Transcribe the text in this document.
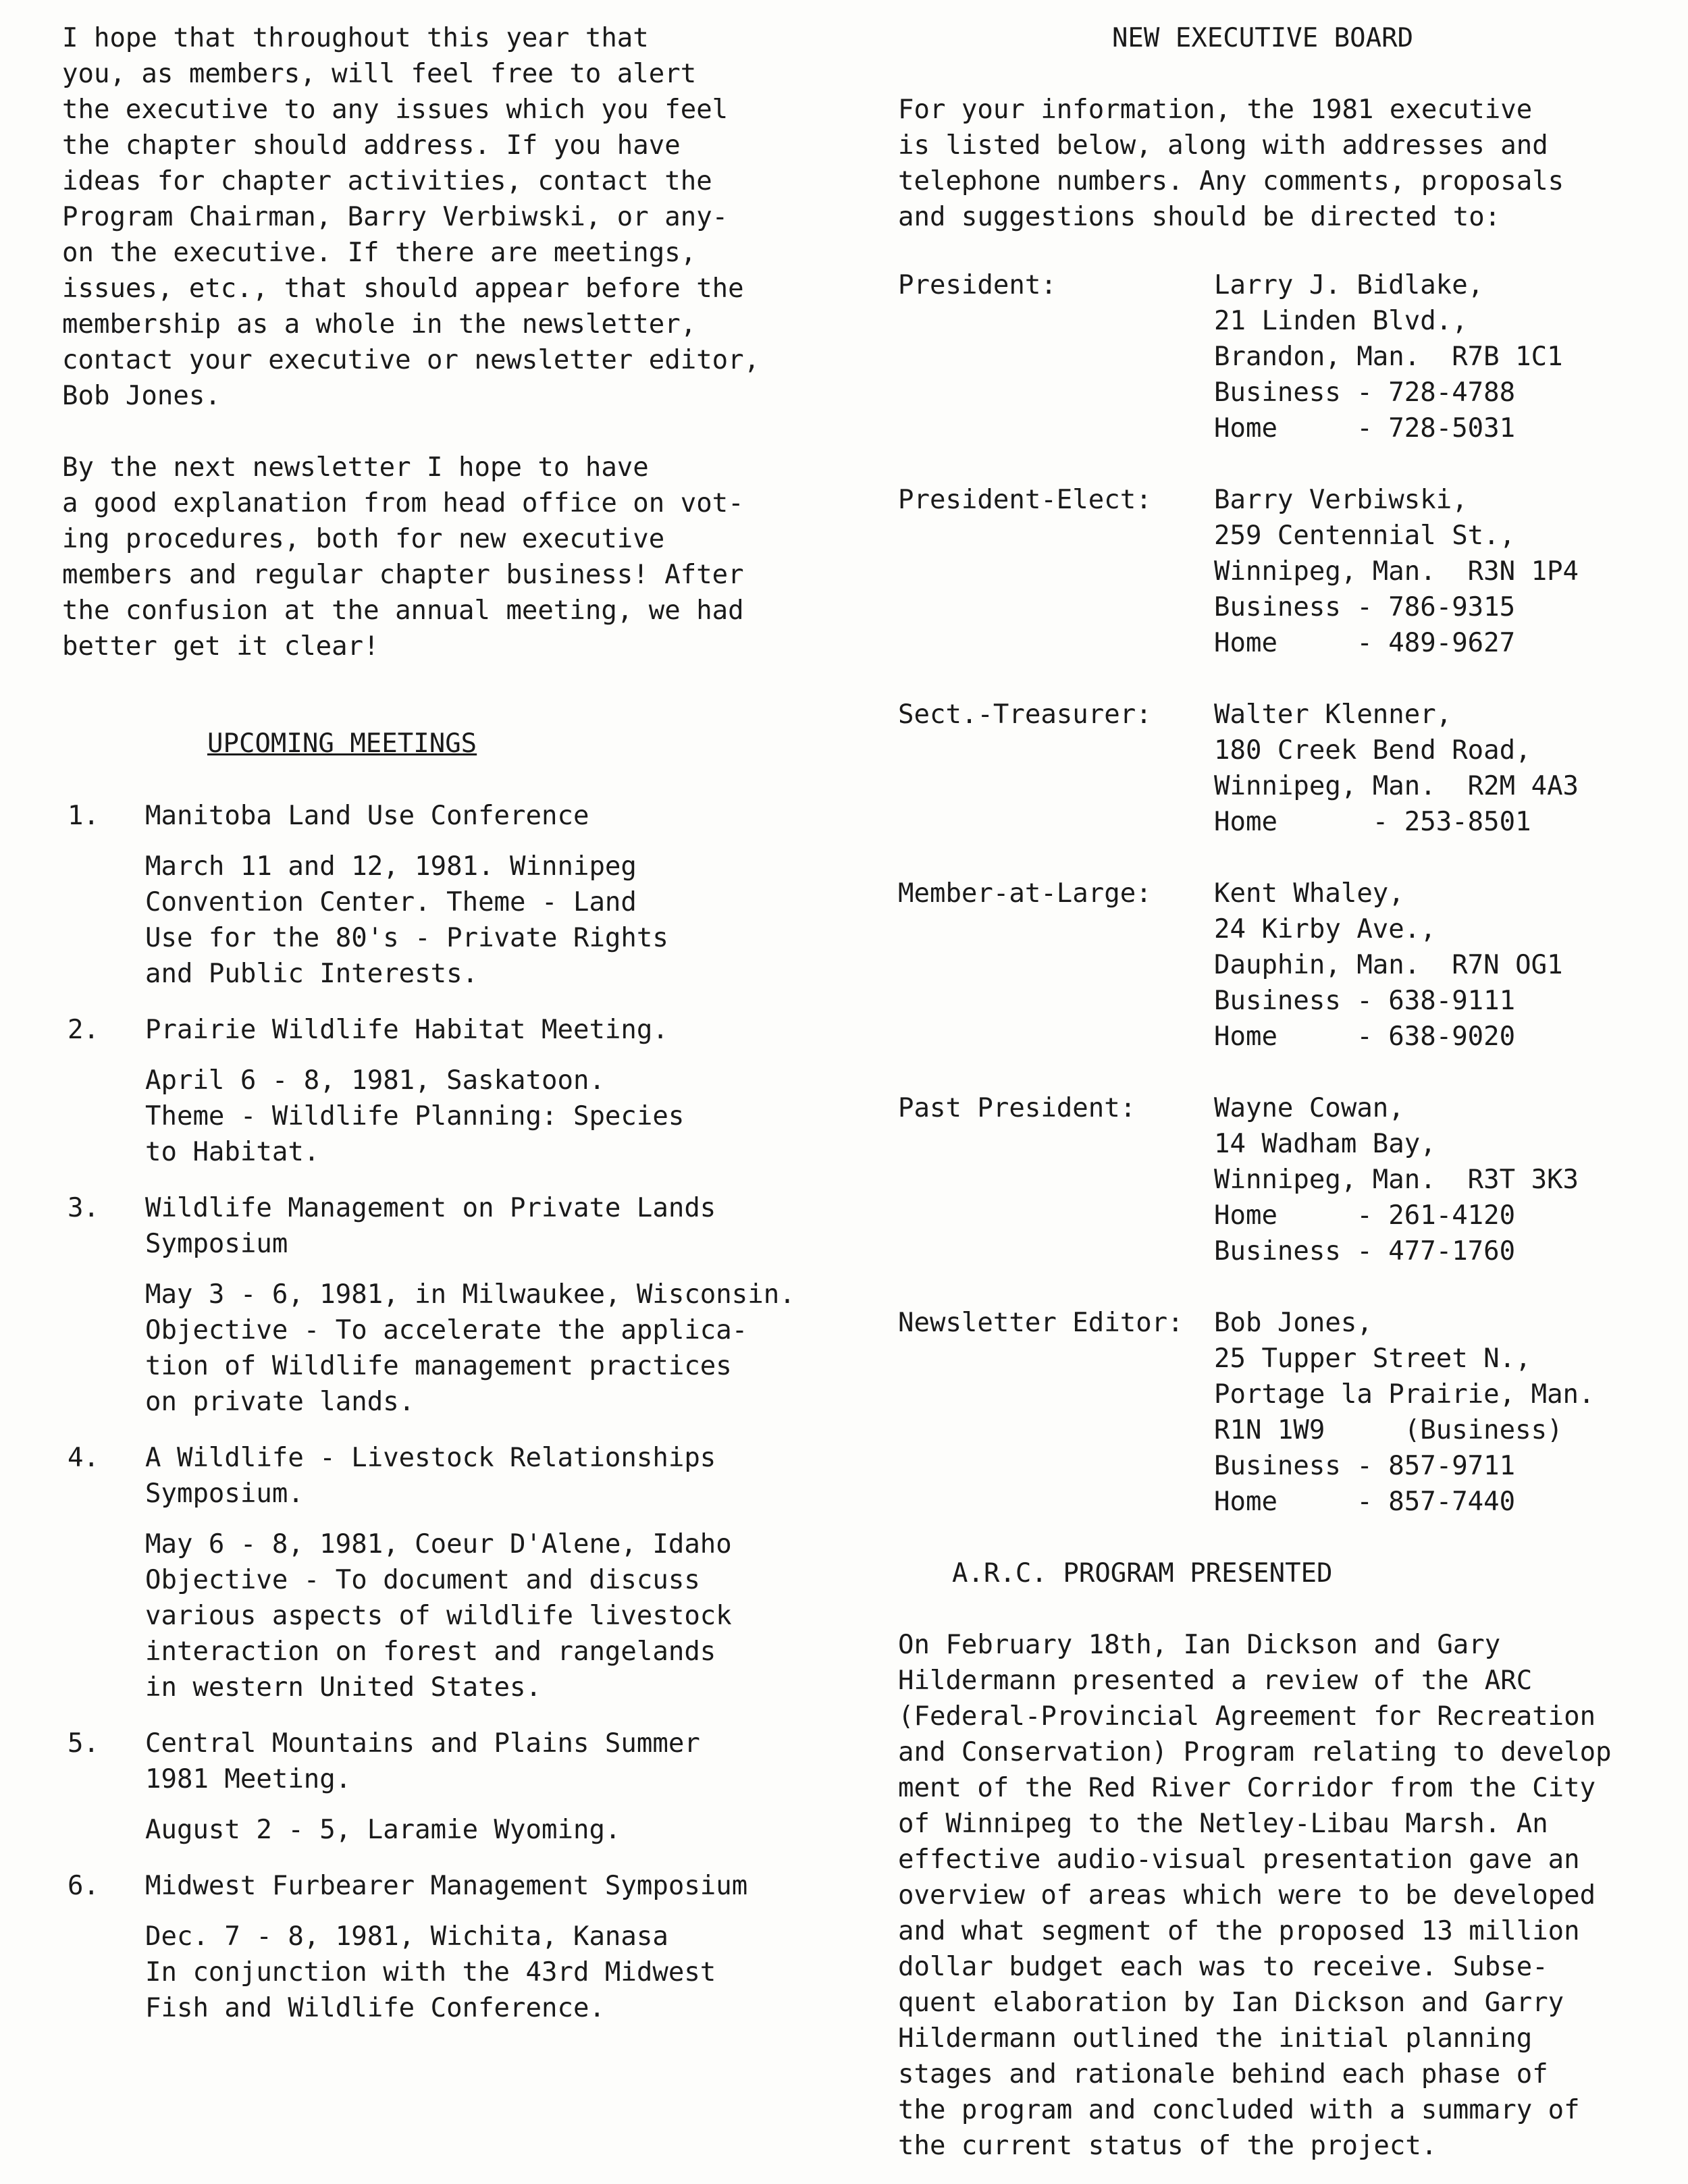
I hope that throughout this year that
you, as members, will feel free to alert
the executive to any issues which you feel
the chapter should address. If you have
ideas for chapter activities, contact the
Program Chairman, Barry Verbiwski, or any-
on the executive. If there are meetings,
issues, etc., that should appear before the
membership as a whole in the newsletter,
contact your executive or newsletter editor,
Bob Jones.

By the next newsletter I hope to have
a good explanation from head office on vot-
ing procedures, both for new executive
members and regular chapter business! After
the confusion at the annual meeting, we had
better get it clear!

UPCOMING MEETINGS

1. Manitoba Land Use Conference
March 11 and 12, 1981. Winnipeg
Convention Center. Theme - Land
Use for the 80's - Private Rights
and Public Interests.
2. Prairie Wildlife Habitat Meeting.
April 6 - 8, 1981, Saskatoon.
Theme - Wildlife Planning: Species
to Habitat.
3. Wildlife Management on Private Lands
Symposium
May 3 - 6, 1981, in Milwaukee, Wisconsin.
Objective - To accelerate the applica-
tion of Wildlife management practices
on private lands.
4. A Wildlife - Livestock Relationships
Symposium.
May 6 - 8, 1981, Coeur D'Alene, Idaho
Objective - To document and discuss
various aspects of wildlife livestock
interaction on forest and rangelands
in western United States.
5. Central Mountains and Plains Summer
1981 Meeting.
August 2 - 5, Laramie Wyoming.
6. Midwest Furbearer Management Symposium
Dec. 7 - 8, 1981, Wichita, Kanasa
In conjunction with the 43rd Midwest
Fish and Wildlife Conference.

NEW EXECUTIVE BOARD

For your information, the 1981 executive
is listed below, along with addresses and
telephone numbers. Any comments, proposals
and suggestions should be directed to:

President:	Larry J. Bidlake,
21 Linden Blvd.,
Brandon, Man.  R7B 1C1
Business - 728-4788
Home     - 728-5031
President-Elect:	Barry Verbiwski,
259 Centennial St.,
Winnipeg, Man.  R3N 1P4
Business - 786-9315
Home     - 489-9627
Sect.-Treasurer:	Walter Klenner,
180 Creek Bend Road,
Winnipeg, Man.  R2M 4A3
Home      - 253-8501
Member-at-Large:	Kent Whaley,
24 Kirby Ave.,
Dauphin, Man.  R7N OG1
Business - 638-9111
Home     - 638-9020
Past President:	Wayne Cowan,
14 Wadham Bay,
Winnipeg, Man.  R3T 3K3
Home     - 261-4120
Business - 477-1760
Newsletter Editor:	Bob Jones,
25 Tupper Street N.,
Portage la Prairie, Man.
R1N 1W9     (Business)
Business - 857-9711
Home     - 857-7440

A.R.C. PROGRAM PRESENTED

On February 18th, Ian Dickson and Gary
Hildermann presented a review of the ARC
(Federal-Provincial Agreement for Recreation
and Conservation) Program relating to develop
ment of the Red River Corridor from the City
of Winnipeg to the Netley-Libau Marsh. An
effective audio-visual presentation gave an
overview of areas which were to be developed
and what segment of the proposed 13 million
dollar budget each was to receive. Subse-
quent elaboration by Ian Dickson and Garry
Hildermann outlined the initial planning
stages and rationale behind each phase of
the program and concluded with a summary of
the current status of the project.
